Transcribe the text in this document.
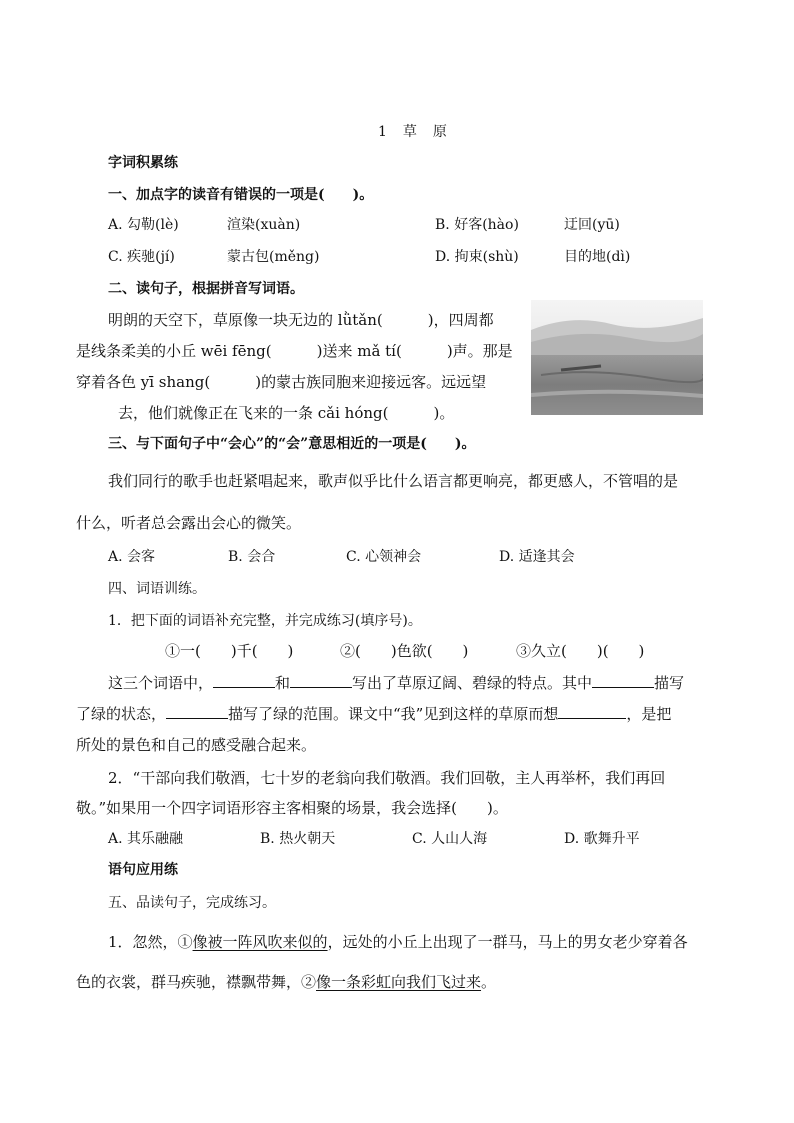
1　草　原
字词积累练
一、加点字的读音有错误的一项是(　　)。
A. 勾勒(lè)	渲染(xuàn)	B. 好客(hào)	迂回(yū)
C. 疾驰(jí)	蒙古包(měng)	D. 拘束(shù)	目的地(dì)
二、读句子，根据拼音写词语。
明朗的天空下，草原像一块无边的 lǜtǎn(　　　)，四周都
是线条柔美的小丘 wēi fēng(　　　)送来 mǎ tí(　　　)声。那是
穿着各色 yī shang(　　　)的蒙古族同胞来迎接远客。远远望
去，他们就像正在飞来的一条 cǎi hóng(　　　)。
三、与下面句子中“会心”的“会”意思相近的一项是(　　)。
我们同行的歌手也赶紧唱起来，歌声似乎比什么语言都更响亮，都更感人，不管唱的是
什么，听者总会露出会心的微笑。
A. 会客	B. 会合	C. 心领神会	D. 适逢其会
四、词语训练。
1．把下面的词语补充完整，并完成练习(填序号)。
①一(　　)千(　　)	②(　　)色欲(　　)	③久立(　　)(　　)
这三个词语中，	和	写出了草原辽阔、碧绿的特点。其中	描写
了绿的状态，	描写了绿的范围。课文中“我”见到这样的草原而想	，是把
所处的景色和自己的感受融合起来。
2．“干部向我们敬酒，七十岁的老翁向我们敬酒。我们回敬，主人再举杯，我们再回
敬。”如果用一个四字词语形容主客相聚的场景，我会选择(　　)。
A. 其乐融融	B. 热火朝天	C. 人山人海	D. 歌舞升平
语句应用练
五、品读句子，完成练习。
1．忽然，①像被一阵风吹来似的，远处的小丘上出现了一群马，马上的男女老少穿着各
色的衣裳，群马疾驰，襟飘带舞，②像一条彩虹向我们飞过来。
